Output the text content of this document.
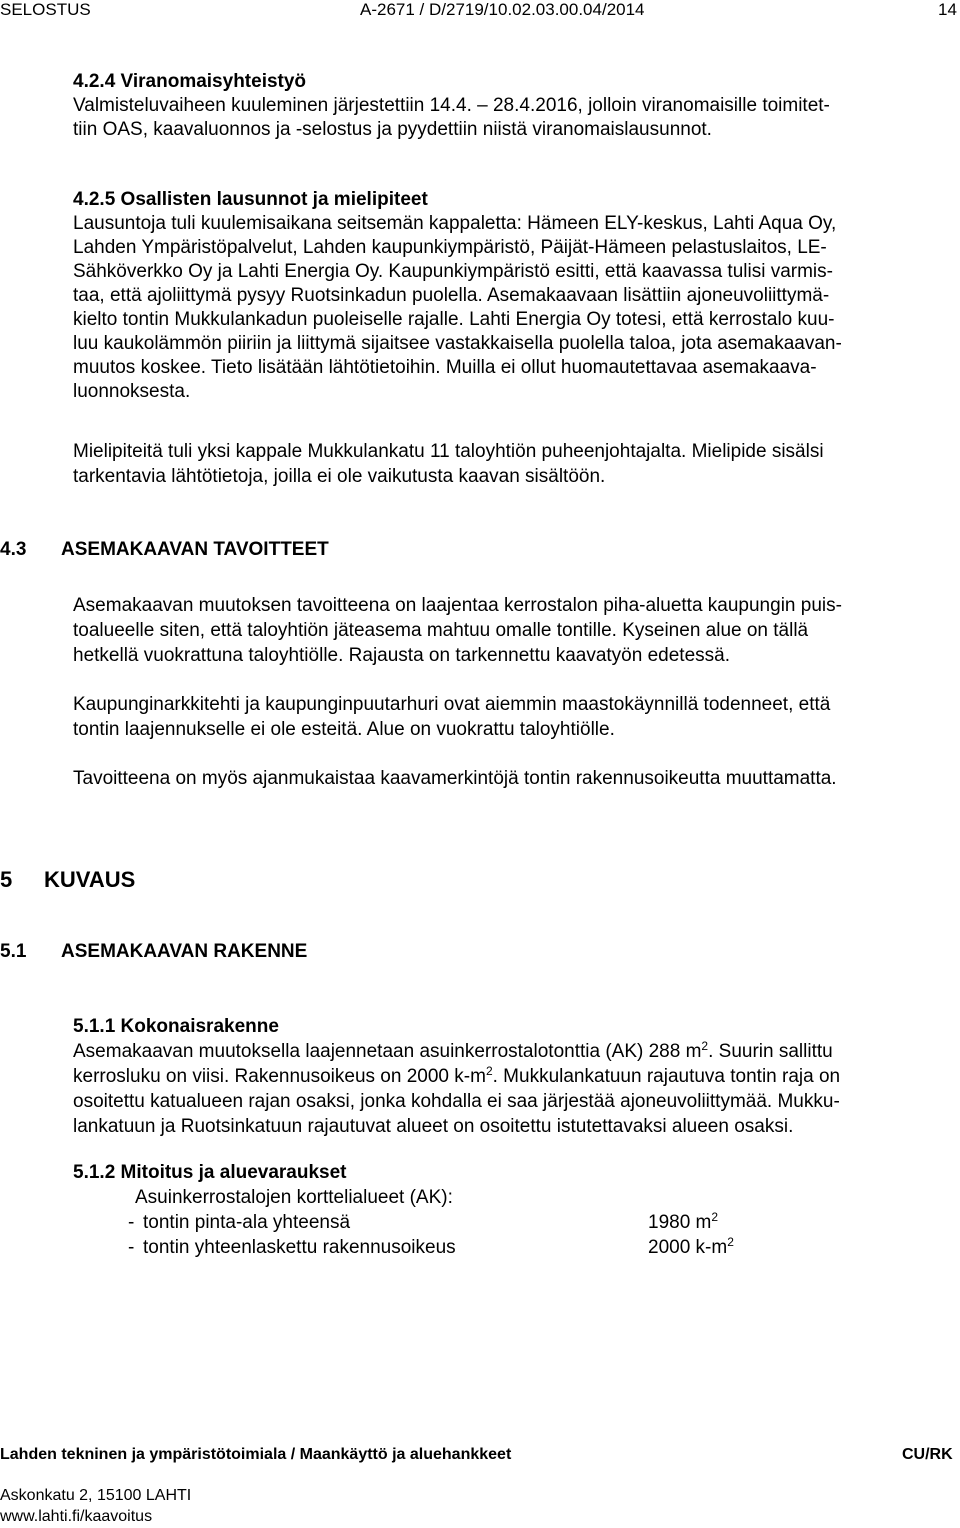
SELOSTUS	A-2671 / D/2719/10.02.03.00.04/2014	14
4.2.4 Viranomaisyhteistyö
Valmisteluvaiheen kuuleminen järjestettiin 14.4. – 28.4.2016, jolloin viranomaisille toimitet-
tiin OAS, kaavaluonnos ja -selostus ja pyydettiin niistä viranomaislausunnot.
4.2.5 Osallisten lausunnot ja mielipiteet
Lausuntoja tuli kuulemisaikana seitsemän kappaletta: Hämeen ELY-keskus, Lahti Aqua Oy,
Lahden Ympäristöpalvelut, Lahden kaupunkiympäristö, Päijät-Hämeen pelastuslaitos, LE-
Sähköverkko Oy ja Lahti Energia Oy. Kaupunkiympäristö esitti, että kaavassa tulisi varmis-
taa, että ajoliittymä pysyy Ruotsinkadun puolella. Asemakaavaan lisättiin ajoneuvoliittymä-
kielto tontin Mukkulankadun puoleiselle rajalle. Lahti Energia Oy totesi, että kerrostalo kuu-
luu kaukolämmön piiriin ja liittymä sijaitsee vastakkaisella puolella taloa, jota asemakaavan-
muutos koskee. Tieto lisätään lähtötietoihin. Muilla ei ollut huomautettavaa asemakaava-
luonnoksesta.
Mielipiteitä tuli yksi kappale Mukkulankatu 11 taloyhtiön puheenjohtajalta. Mielipide sisälsi
tarkentavia lähtötietoja, joilla ei ole vaikutusta kaavan sisältöön.
4.3 ASEMAKAAVAN TAVOITTEET
Asemakaavan muutoksen tavoitteena on laajentaa kerrostalon piha-aluetta kaupungin puis-
toalueelle siten, että taloyhtiön jäteasema mahtuu omalle tontille. Kyseinen alue on tällä
hetkellä vuokrattuna taloyhtiölle. Rajausta on tarkennettu kaavatyön edetessä.
Kaupunginarkkitehti ja kaupunginpuutarhuri ovat aiemmin maastokäynnillä todenneet, että
tontin laajennukselle ei ole esteitä. Alue on vuokrattu taloyhtiölle.
Tavoitteena on myös ajanmukaistaa kaavamerkintöjä tontin rakennusoikeutta muuttamatta.
5 KUVAUS
5.1 ASEMAKAAVAN RAKENNE
5.1.1 Kokonaisrakenne
Asemakaavan muutoksella laajennetaan asuinkerrostalotonttia (AK) 288 $m^2$. Suurin sallittu
kerrosluku on viisi. Rakennusoikeus on 2000 $k-m^2$. Mukkulankatuun rajautuva tontin raja on
osoitettu katualueen rajan osaksi, jonka kohdalla ei saa järjestää ajoneuvoliittymää. Mukku-
lankatuun ja Ruotsinkatuun rajautuvat alueet on osoitettu istutettavaksi alueen osaksi.
5.1.2 Mitoitus ja aluevaraukset
Asuinkerrostalojen korttelialueet (AK):
- tontin pinta-ala yhteensä	1980 $m^2$
- tontin yhteenlaskettu rakennusoikeus	2000 $k-m^2$
Lahden tekninen ja ympäristötoimiala / Maankäyttö ja aluehankkeet	CU/RK
Askonkatu 2, 15100 LAHTI
www.lahti.fi/kaavoitus
